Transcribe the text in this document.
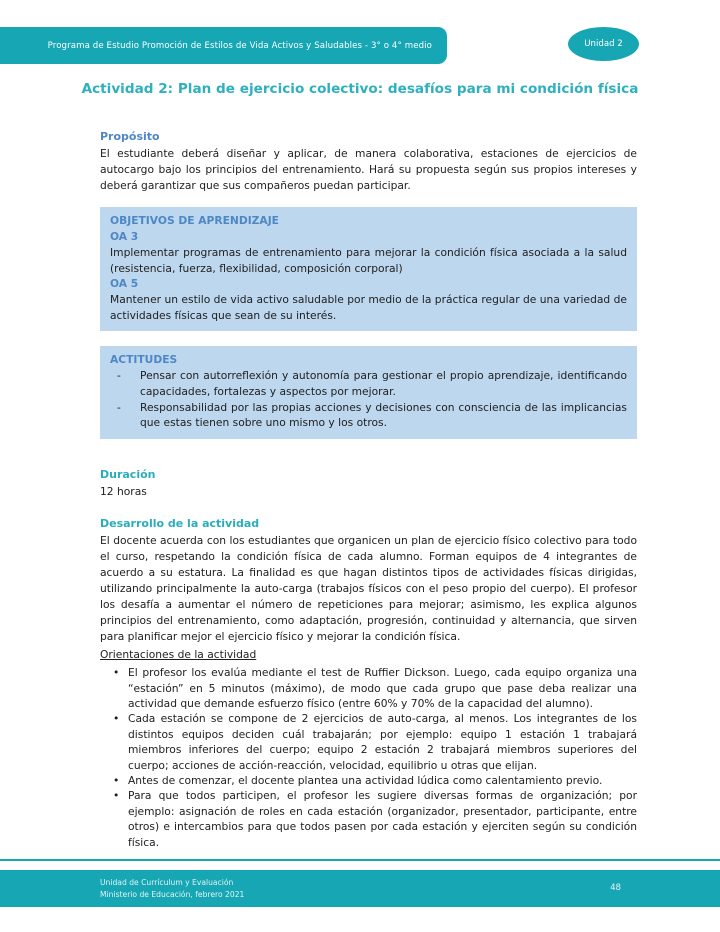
Programa de Estudio Promoción de Estilos de Vida Activos y Saludables - 3° o 4° medio	Unidad 2
Actividad 2: Plan de ejercicio colectivo: desafíos para mi condición física
Propósito

El estudiante deberá diseñar y aplicar, de manera colaborativa, estaciones de ejercicios de autocargo bajo los principios del entrenamiento. Hará su propuesta según sus propios intereses y deberá garantizar que sus compañeros puedan participar.

OBJETIVOS DE APRENDIZAJE

OA 3

Implementar programas de entrenamiento para mejorar la condición física asociada a la salud (resistencia, fuerza, flexibilidad, composición corporal)

OA 5

Mantener un estilo de vida activo saludable por medio de la práctica regular de una variedad de actividades físicas que sean de su interés.

ACTITUDES

-	Pensar con autorreflexión y autonomía para gestionar el propio aprendizaje, identificando capacidades, fortalezas y aspectos por mejorar.
-	Responsabilidad por las propias acciones y decisiones con consciencia de las implicancias que estas tienen sobre uno mismo y los otros.
Duración

12 horas

Desarrollo de la actividad

El docente acuerda con los estudiantes que organicen un plan de ejercicio físico colectivo para todo el curso, respetando la condición física de cada alumno. Forman equipos de 4 integrantes de acuerdo a su estatura. La finalidad es que hagan distintos tipos de actividades físicas dirigidas, utilizando principalmente la auto-carga (trabajos físicos con el peso propio del cuerpo). El profesor los desafía a aumentar el número de repeticiones para mejorar; asimismo, les explica algunos principios del entrenamiento, como adaptación, progresión, continuidad y alternancia, que sirven para planificar mejor el ejercicio físico y mejorar la condición física.

Orientaciones de la actividad

• El profesor los evalúa mediante el test de Ruffier Dickson. Luego, cada equipo organiza una “estación” en 5 minutos (máximo), de modo que cada grupo que pase deba realizar una actividad que demande esfuerzo físico (entre 60% y 70% de la capacidad del alumno).
• Cada estación se compone de 2 ejercicios de auto-carga, al menos. Los integrantes de los distintos equipos deciden cuál trabajarán; por ejemplo: equipo 1 estación 1 trabajará miembros inferiores del cuerpo; equipo 2 estación 2 trabajará miembros superiores del cuerpo; acciones de acción-reacción, velocidad, equilibrio u otras que elijan.
• Antes de comenzar, el docente plantea una actividad lúdica como calentamiento previo.
• Para que todos participen, el profesor les sugiere diversas formas de organización; por ejemplo: asignación de roles en cada estación (organizador, presentador, participante, entre otros) e intercambios para que todos pasen por cada estación y ejerciten según su condición física.
Unidad de Currículum y Evaluación
Ministerio de Educación, febrero 2021
48
